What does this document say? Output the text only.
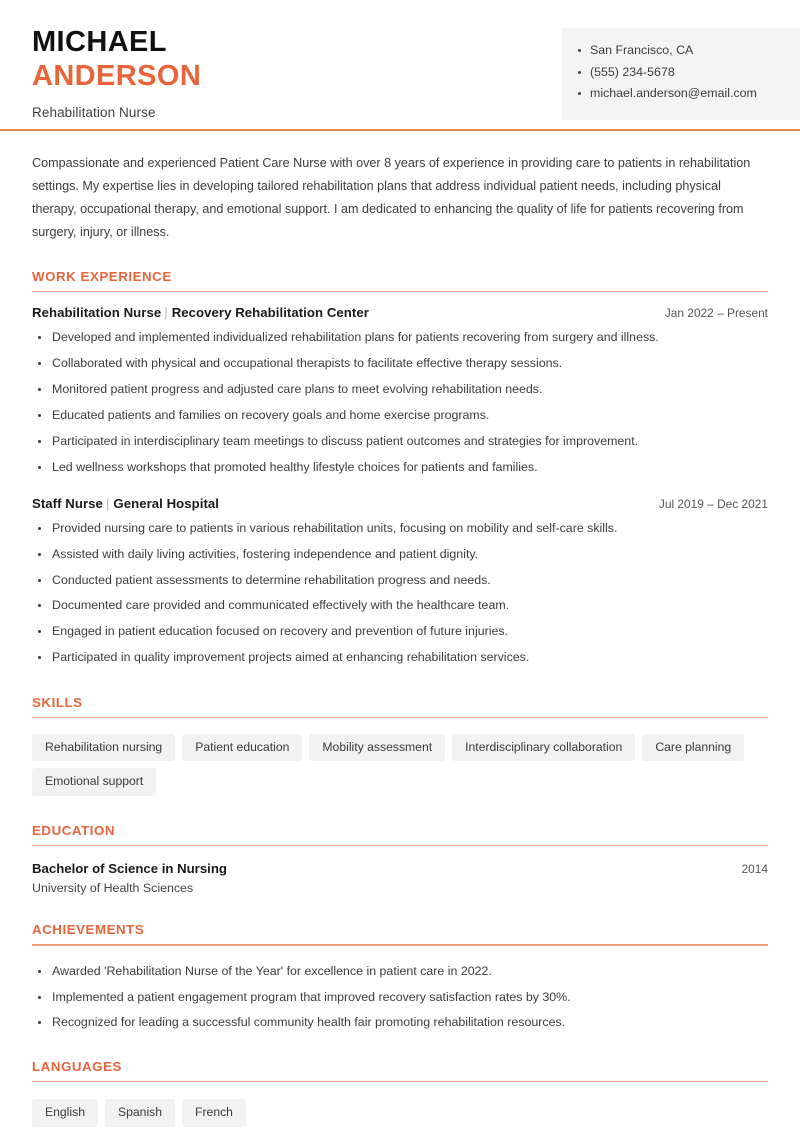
MICHAEL
ANDERSON
Rehabilitation Nurse
San Francisco, CA
(555) 234-5678
michael.anderson@email.com

Compassionate and experienced Patient Care Nurse with over 8 years of experience in providing care to patients in rehabilitation settings. My expertise lies in developing tailored rehabilitation plans that address individual patient needs, including physical therapy, occupational therapy, and emotional support. I am dedicated to enhancing the quality of life for patients recovering from surgery, injury, or illness.

WORK EXPERIENCE
Rehabilitation Nurse | Recovery Rehabilitation Center	Jan 2022 – Present
Developed and implemented individualized rehabilitation plans for patients recovering from surgery and illness.
Collaborated with physical and occupational therapists to facilitate effective therapy sessions.
Monitored patient progress and adjusted care plans to meet evolving rehabilitation needs.
Educated patients and families on recovery goals and home exercise programs.
Participated in interdisciplinary team meetings to discuss patient outcomes and strategies for improvement.
Led wellness workshops that promoted healthy lifestyle choices for patients and families.
Staff Nurse | General Hospital	Jul 2019 – Dec 2021
Provided nursing care to patients in various rehabilitation units, focusing on mobility and self-care skills.
Assisted with daily living activities, fostering independence and patient dignity.
Conducted patient assessments to determine rehabilitation progress and needs.
Documented care provided and communicated effectively with the healthcare team.
Engaged in patient education focused on recovery and prevention of future injuries.
Participated in quality improvement projects aimed at enhancing rehabilitation services.
SKILLS
Rehabilitation nursing	Patient education	Mobility assessment	Interdisciplinary collaboration	Care planning
Emotional support
EDUCATION
Bachelor of Science in Nursing	2014
University of Health Sciences
ACHIEVEMENTS
Awarded 'Rehabilitation Nurse of the Year' for excellence in patient care in 2022.
Implemented a patient engagement program that improved recovery satisfaction rates by 30%.
Recognized for leading a successful community health fair promoting rehabilitation resources.
LANGUAGES
English	Spanish	French
